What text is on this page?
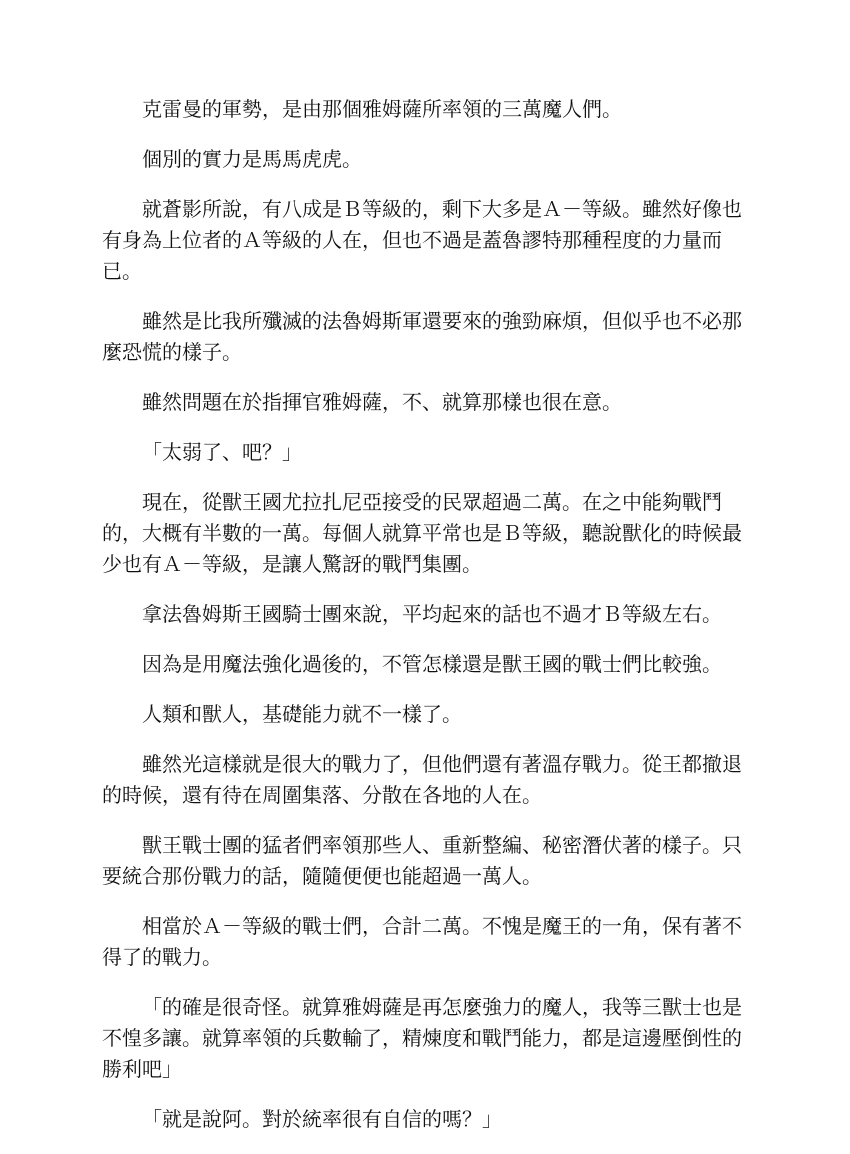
克雷曼的軍勢，是由那個雅姆薩所率領的三萬魔人們。

個別的實力是馬馬虎虎。

就蒼影所說，有八成是Ｂ等級的，剩下大多是Ａ－等級。雖然好像也有身為上位者的Ａ等級的人在，但也不過是蓋魯謬特那種程度的力量而已。

雖然是比我所殲滅的法魯姆斯軍還要來的強勁麻煩，但似乎也不必那麼恐慌的樣子。

雖然問題在於指揮官雅姆薩，不、就算那樣也很在意。

「太弱了、吧？」

現在，從獸王國尤拉扎尼亞接受的民眾超過二萬。在之中能夠戰鬥的，大概有半數的一萬。每個人就算平常也是Ｂ等級，聽說獸化的時候最少也有Ａ－等級，是讓人驚訝的戰鬥集團。

拿法魯姆斯王國騎士團來說，平均起來的話也不過才Ｂ等級左右。

因為是用魔法強化過後的，不管怎樣還是獸王國的戰士們比較強。

人類和獸人，基礎能力就不一樣了。

雖然光這樣就是很大的戰力了，但他們還有著溫存戰力。從王都撤退的時候，還有待在周圍集落、分散在各地的人在。

獸王戰士團的猛者們率領那些人、重新整編、秘密潛伏著的樣子。只要統合那份戰力的話，隨隨便便也能超過一萬人。

相當於Ａ－等級的戰士們，合計二萬。不愧是魔王的一角，保有著不得了的戰力。

「的確是很奇怪。就算雅姆薩是再怎麼強力的魔人，我等三獸士也是不惶多讓。就算率領的兵數輸了，精煉度和戰鬥能力，都是這邊壓倒性的勝利吧」

「就是說阿。對於統率很有自信的嗎？」
